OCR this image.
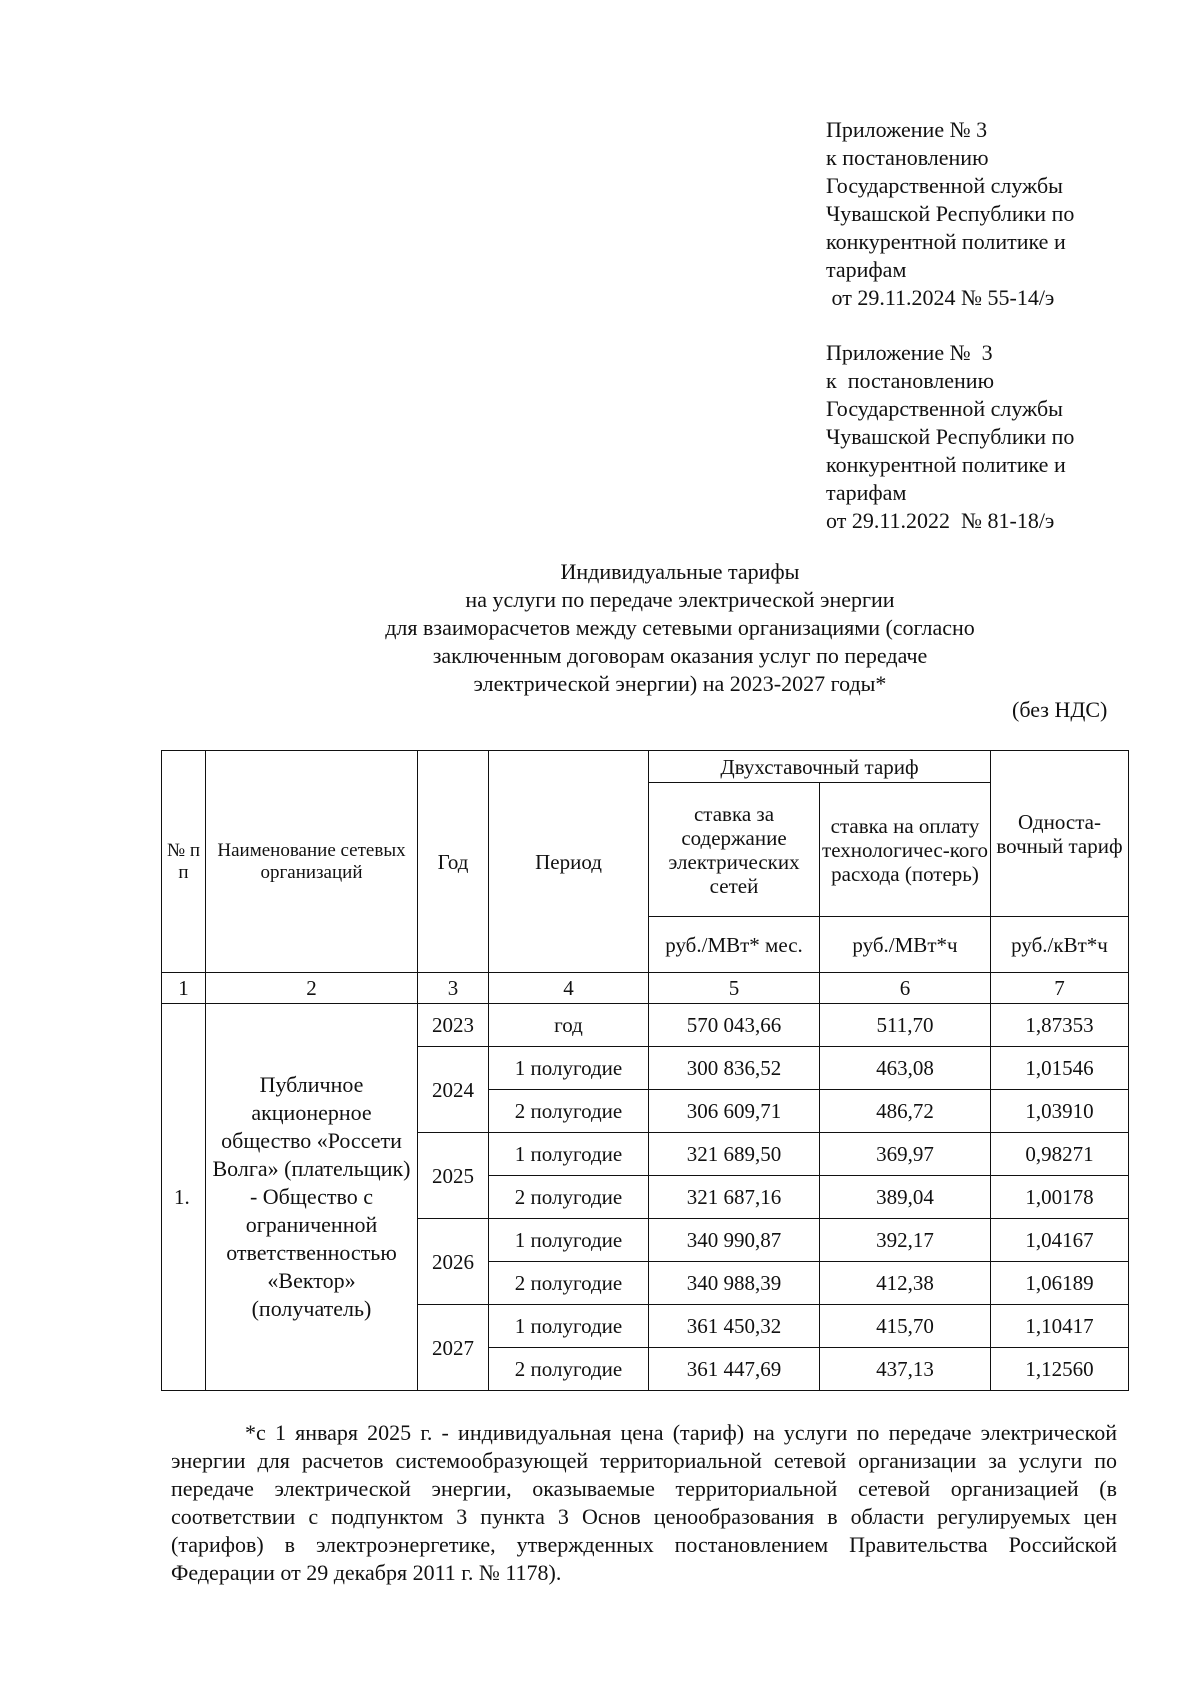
Приложение № 3
к постановлению
Государственной службы
Чувашской Республики по
конкурентной политике и
тарифам
от 29.11.2024 № 55-14/э
Приложение №  3
к  постановлению
Государственной службы
Чувашской Республики по
конкурентной политике и
тарифам
от 29.11.2022  № 81-18/э
Индивидуальные тарифы
на услуги по передаче электрической энергии
для взаиморасчетов между сетевыми организациями (согласно
заключенным договорам оказания услуг по передаче
электрической энергии) на 2023-2027 годы*
(без НДС)
№ п п	Наименование сетевых организаций	Год	Период	Двухставочный тариф		Односта-вочный тариф
				ставка за содержание электрических сетей	ставка на оплату технологичес-кого расхода (потерь)	
				руб./МВт* мес.	руб./МВт*ч	руб./кВт*ч
1	2	3	4	5	6	7
1.	Публичное акционерное общество «Россети Волга» (плательщик) - Общество с ограниченной ответственностью «Вектор» (получатель)	2023	год	570 043,66	511,70	1,87353
		2024	1 полугодие	300 836,52	463,08	1,01546
			2 полугодие	306 609,71	486,72	1,03910
		2025	1 полугодие	321 689,50	369,97	0,98271
			2 полугодие	321 687,16	389,04	1,00178
		2026	1 полугодие	340 990,87	392,17	1,04167
			2 полугодие	340 988,39	412,38	1,06189
		2027	1 полугодие	361 450,32	415,70	1,10417
			2 полугодие	361 447,69	437,13	1,12560
*с 1 января 2025 г. - индивидуальная цена (тариф) на услуги по передаче электрической энергии для расчетов системообразующей территориальной сетевой организации за услуги по передаче электрической энергии, оказываемые территориальной сетевой организацией (в соответствии с подпунктом 3 пункта 3 Основ ценообразования в области регулируемых цен (тарифов) в электроэнергетике, утвержденных постановлением Правительства Российской Федерации от 29 декабря 2011 г. № 1178).
